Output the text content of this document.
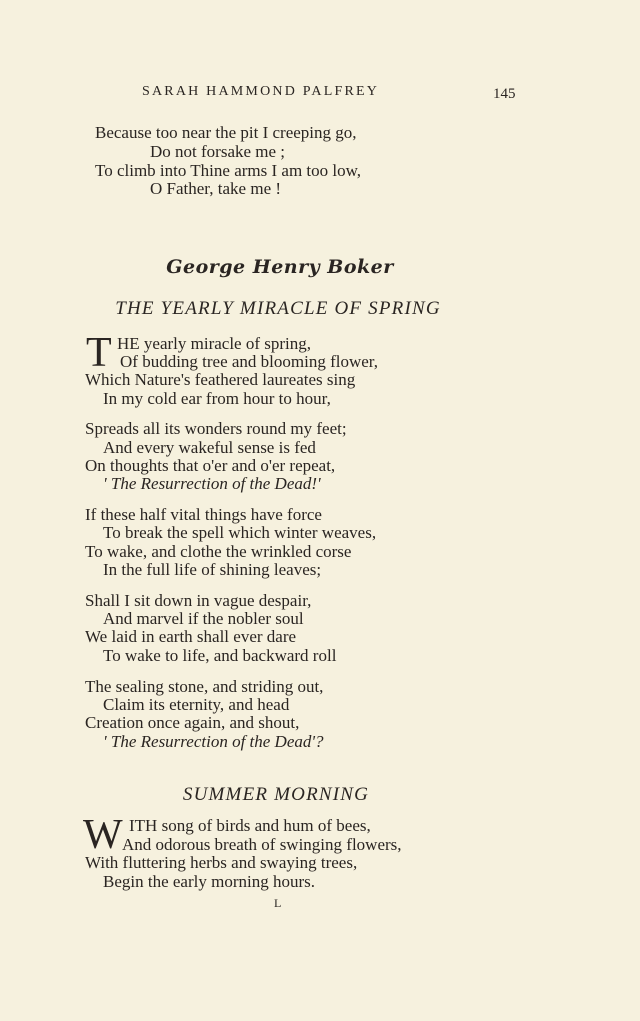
SARAH HAMMOND PALFREY	145
Because too near the pit I creeping go,
Do not forsake me ;
To climb into Thine arms I am too low,
O Father, take me !
George Henry Boker
THE YEARLY MIRACLE OF SPRING
T HE yearly miracle of spring,
Of budding tree and blooming flower,
Which Nature's feathered laureates sing
In my cold ear from hour to hour,
Spreads all its wonders round my feet;
And every wakeful sense is fed
On thoughts that o'er and o'er repeat,
' The Resurrection of the Dead!'
If these half vital things have force
To break the spell which winter weaves,
To wake, and clothe the wrinkled corse
In the full life of shining leaves;
Shall I sit down in vague despair,
And marvel if the nobler soul
We laid in earth shall ever dare
To wake to life, and backward roll
The sealing stone, and striding out,
Claim its eternity, and head
Creation once again, and shout,
' The Resurrection of the Dead'?
SUMMER MORNING
W ITH song of birds and hum of bees,
And odorous breath of swinging flowers,
With fluttering herbs and swaying trees,
Begin the early morning hours.
L
